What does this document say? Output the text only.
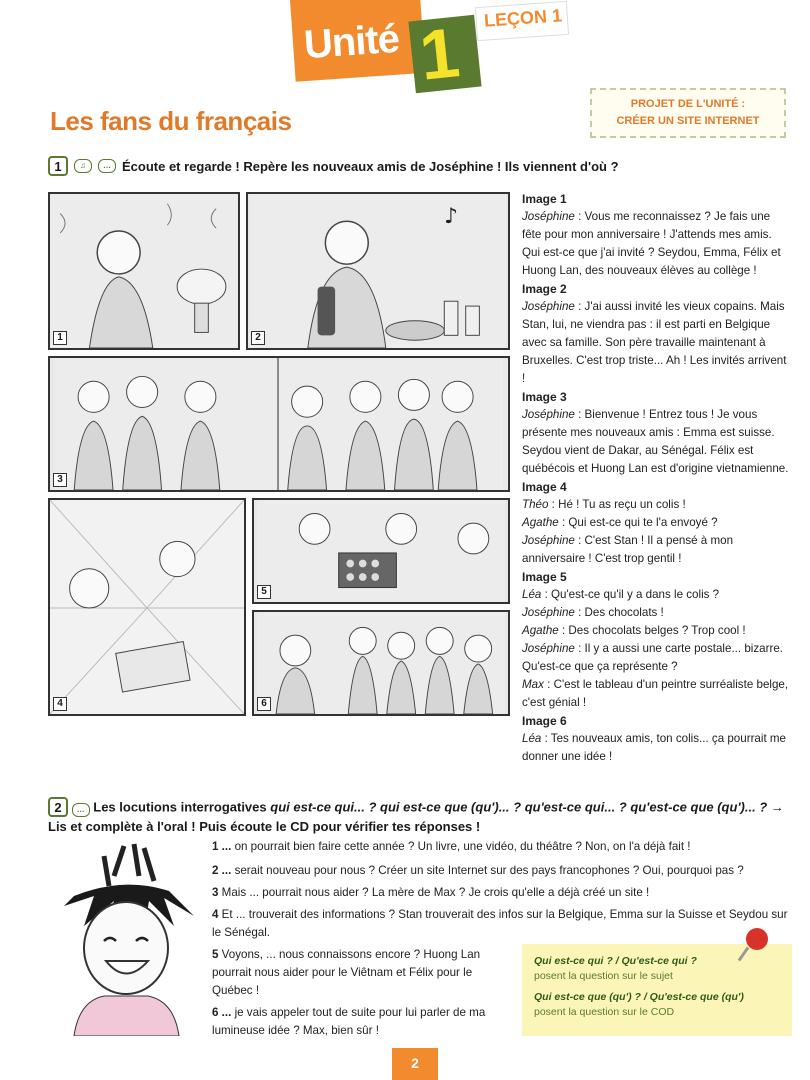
Unité 1 LEÇON 1
Les fans du français
PROJET DE L'UNITÉ :
CRÉER UN SITE INTERNET
1	♫	… Écoute et regarde ! Repère les nouveaux amis de Joséphine ! Ils viennent d'où ?
1
♪
2
3
4
5
6
Image 1
Joséphine : Vous me reconnaissez ? Je fais une fête pour mon anniversaire ! J'attends mes amis. Qui est-ce que j'ai invité ? Seydou, Emma, Félix et Huong Lan, des nouveaux élèves au collège !
Image 2
Joséphine : J'ai aussi invité les vieux copains. Mais Stan, lui, ne viendra pas : il est parti en Belgique avec sa famille. Son père travaille maintenant à Bruxelles. C'est trop triste... Ah ! Les invités arrivent !
Image 3
Joséphine : Bienvenue ! Entrez tous ! Je vous présente mes nouveaux amis : Emma est suisse. Seydou vient de Dakar, au Sénégal. Félix est québécois et Huong Lan est d'origine vietnamienne.
Image 4
Théo : Hé ! Tu as reçu un colis !
Agathe : Qui est-ce qui te l'a envoyé ?
Joséphine : C'est Stan ! Il a pensé à mon anniversaire ! C'est trop gentil !
Image 5
Léa : Qu'est-ce qu'il y a dans le colis ?
Joséphine : Des chocolats !
Agathe : Des chocolats belges ? Trop cool !
Joséphine : Il y a aussi une carte postale... bizarre. Qu'est-ce que ça représente ?
Max : C'est le tableau d'un peintre surréaliste belge, c'est génial !
Image 6
Léa : Tes nouveaux amis, ton colis... ça pourrait me donner une idée !
2 … Les locutions interrogatives qui est-ce qui... ? qui est-ce que (qu')... ? qu'est-ce qui... ? qu'est-ce que (qu')... ? → Lis et complète à l'oral ! Puis écoute le CD pour vérifier tes réponses !
1 ... on pourrait bien faire cette année ? Un livre, une vidéo, du théâtre ? Non, on l'a déjà fait !
2 ... serait nouveau pour nous ? Créer un site Internet sur des pays francophones ? Oui, pourquoi pas ?
3 Mais ... pourrait nous aider ? La mère de Max ? Je crois qu'elle a déjà créé un site !
4 Et ... trouverait des informations ? Stan trouverait des infos sur la Belgique, Emma sur la Suisse et Seydou sur le Sénégal.
5 Voyons, ... nous connaissons encore ? Huong Lan pourrait nous aider pour le Viêtnam et Félix pour le Québec !
6 ... je vais appeler tout de suite pour lui parler de ma lumineuse idée ? Max, bien sûr !
Qui est-ce qui ? / Qu'est-ce qui ?
posent la question sur le sujet
Qui est-ce que (qu') ? / Qu'est-ce que (qu')
posent la question sur le COD
2
